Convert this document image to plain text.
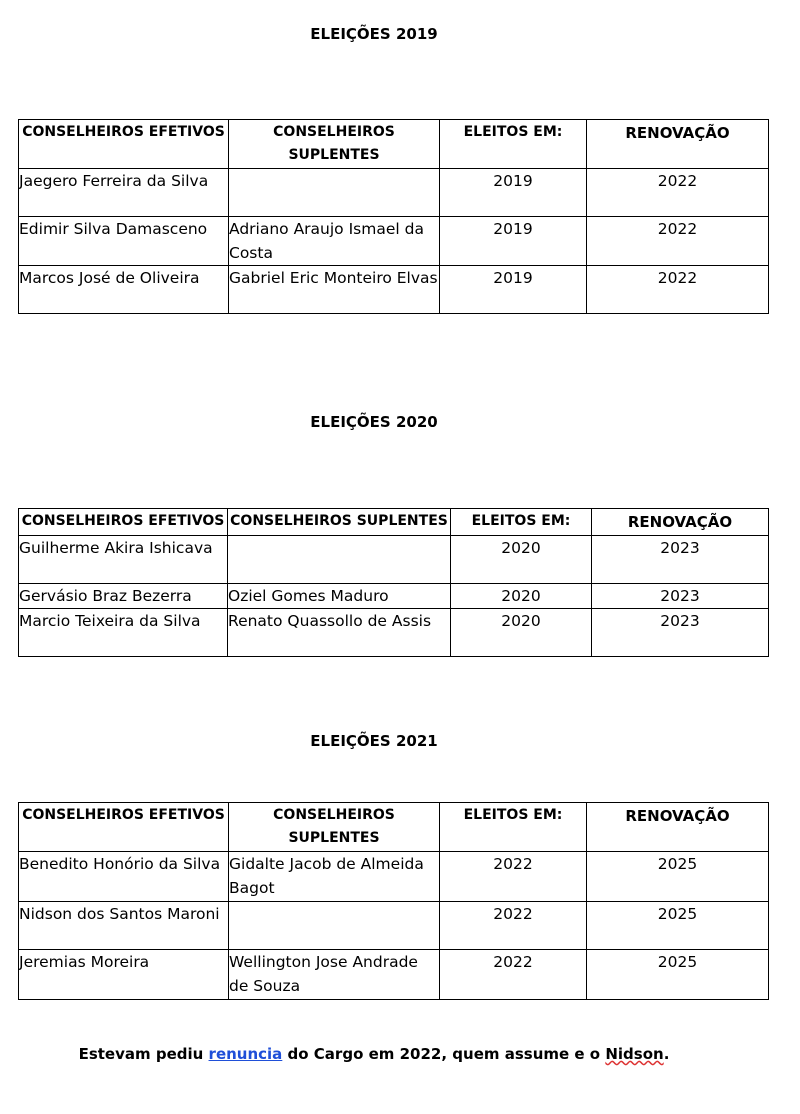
ELEIÇÕES 2019
CONSELHEIROS EFETIVOS	CONSELHEIROS SUPLENTES	ELEITOS EM:	RENOVAÇÃO
Jaegero Ferreira da Silva		2019	2022
Edimir Silva Damasceno	Adriano Araujo Ismael da Costa	2019	2022
Marcos José de Oliveira	Gabriel Eric Monteiro Elvas	2019	2022
ELEIÇÕES 2020
CONSELHEIROS EFETIVOS	CONSELHEIROS SUPLENTES	ELEITOS EM:	RENOVAÇÃO
Guilherme Akira Ishicava		2020	2023
Gervásio Braz Bezerra	Oziel Gomes Maduro	2020	2023
Marcio Teixeira da Silva	Renato Quassollo de Assis	2020	2023
ELEIÇÕES 2021
CONSELHEIROS EFETIVOS	CONSELHEIROS SUPLENTES	ELEITOS EM:	RENOVAÇÃO
Benedito Honório da Silva	Gidalte Jacob de Almeida Bagot	2022	2025
Nidson dos Santos Maroni		2022	2025
Jeremias Moreira	Wellington Jose Andrade de Souza	2022	2025
Estevam pediu renuncia do Cargo em 2022, quem assume e o Nidson.
